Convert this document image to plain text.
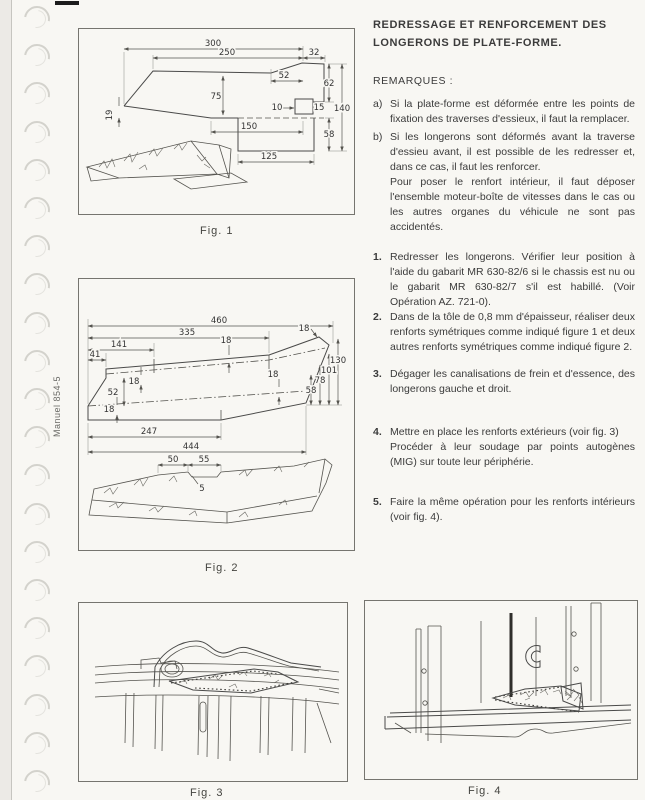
Manuel 854-5
300
250	32
52
75
19
10	15
62
140
150
58
125
Fig. 1
460
335
141
41
18
18
18
52
18
18
58
78
101
130
247
444
50 55
5
Fig. 2
Fig. 3	Fig. 4
REDRESSAGE ET RENFORCEMENT DES
LONGERONS DE PLATE-FORME.
REMARQUES :
a) Si la plate-forme est déformée entre les points de fixation des traverses d'essieux, il faut la remplacer.
b) Si les longerons sont déformés avant la traverse d'essieu avant, il est possible de les redresser et, dans ce cas, il faut les renforcer.
Pour poser le renfort intérieur, il faut déposer l'ensemble moteur-boîte de vitesses dans le cas ou les autres organes du véhicule ne sont pas accidentés.
1. Redresser les longerons. Vérifier leur position à l'aide du gabarit MR 630-82/6 si le chassis est nu ou le gabarit MR 630-82/7 s'il est habillé. (Voir Opération AZ. 721-0).
2. Dans de la tôle de 0,8 mm d'épaisseur, réaliser deux renforts symétriques comme indiqué figure 1 et deux autres renforts symétriques comme indiqué figure 2.
3. Dégager les canalisations de frein et d'essence, des longerons gauche et droit.
4. Mettre en place les renforts extérieurs (voir fig. 3)
Procéder à leur soudage par points autogènes (MIG) sur toute leur périphérie.
5. Faire la même opération pour les renforts intérieurs (voir fig. 4).
